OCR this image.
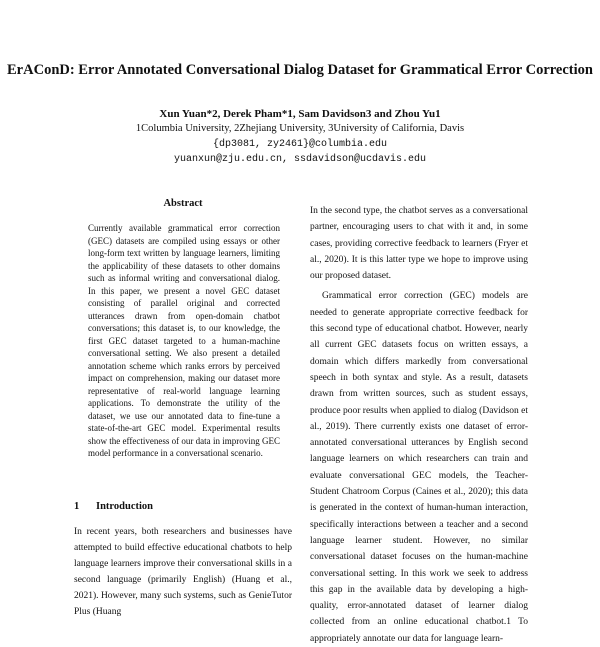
ErAConD: Error Annotated Conversational Dialog Dataset for Grammatical Error Correction
Xun Yuan*2, Derek Pham*1, Sam Davidson3 and Zhou Yu1
1Columbia University, 2Zhejiang University, 3University of California, Davis
{dp3081, zy2461}@columbia.edu
yuanxun@zju.edu.cn, ssdavidson@ucdavis.edu
Abstract

Currently available grammatical error correction (GEC) datasets are compiled using essays or other long-form text written by language learners, limiting the applicability of these datasets to other domains such as informal writing and conversational dialog. In this paper, we present a novel GEC dataset consisting of parallel original and corrected utterances drawn from open-domain chatbot conversations; this dataset is, to our knowledge, the first GEC dataset targeted to a human-machine conversational setting. We also present a detailed annotation scheme which ranks errors by perceived impact on comprehension, making our dataset more representative of real-world language learning applications. To demonstrate the utility of the dataset, we use our annotated data to fine-tune a state-of-the-art GEC model. Experimental results show the effectiveness of our data in improving GEC model performance in a conversational scenario.

1 Introduction

In recent years, both researchers and businesses have attempted to build effective educational chatbots to help language learners improve their conversational skills in a second language (primarily English) (Huang et al., 2021). However, many such systems, such as GenieTutor Plus (Huang

In the second type, the chatbot serves as a conversational partner, encouraging users to chat with it and, in some cases, providing corrective feedback to learners (Fryer et al., 2020). It is this latter type we hope to improve using our proposed dataset.

Grammatical error correction (GEC) models are needed to generate appropriate corrective feedback for this second type of educational chatbot. However, nearly all current GEC datasets focus on written essays, a domain which differs markedly from conversational speech in both syntax and style. As a result, datasets drawn from written sources, such as student essays, produce poor results when applied to dialog (Davidson et al., 2019). There currently exists one dataset of error-annotated conversational utterances by English second language learners on which researchers can train and evaluate conversational GEC models, the Teacher-Student Chatroom Corpus (Caines et al., 2020); this data is generated in the context of human-human interaction, specifically interactions between a teacher and a second language learner student. However, no similar conversational dataset focuses on the human-machine conversational setting. In this work we seek to address this gap in the available data by developing a high-quality, error-annotated dataset of learner dialog collected from an online educational chatbot.1 To appropriately annotate our data for language learn-
